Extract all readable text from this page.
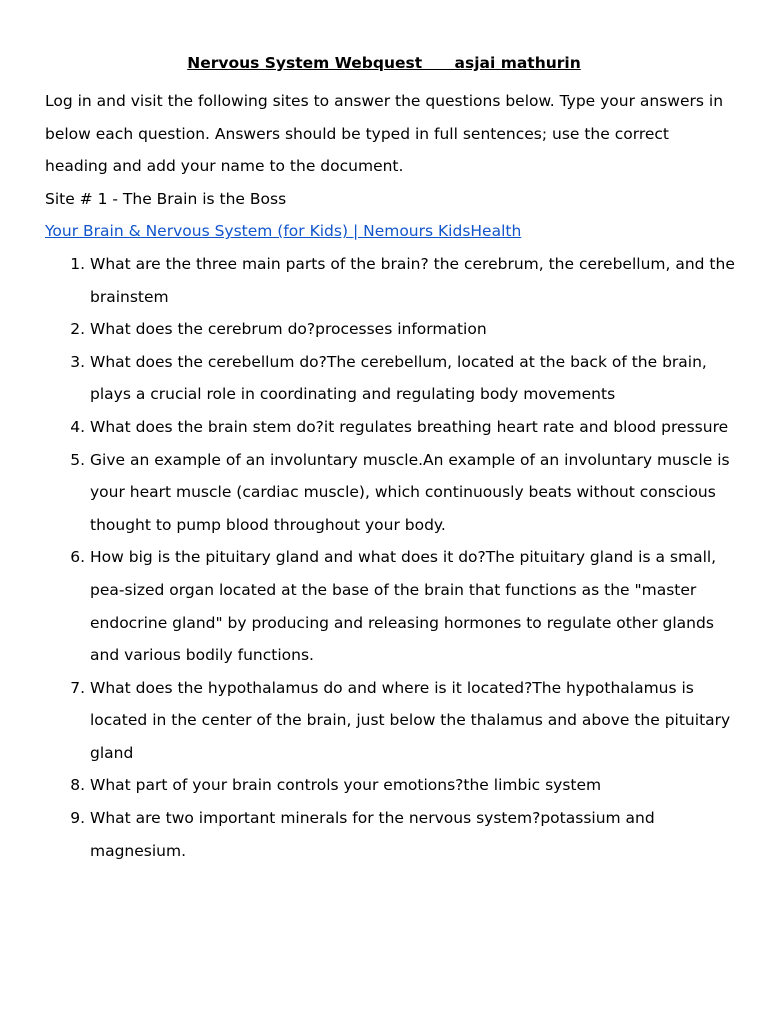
Nervous System Webquest      asjai mathurin

Log in and visit the following sites to answer the questions below. Type your answers in below each question. Answers should be typed in full sentences; use the correct heading and add your name to the document.

Site # 1 - The Brain is the Boss

Your Brain & Nervous System (for Kids) | Nemours KidsHealth

1. What are the three main parts of the brain? the cerebrum, the cerebellum, and the brainstem
2. What does the cerebrum do?processes information
3. What does the cerebellum do?The cerebellum, located at the back of the brain, plays a crucial role in coordinating and regulating body movements
4. What does the brain stem do?it regulates breathing heart rate and blood pressure
5. Give an example of an involuntary muscle.An example of an involuntary muscle is your heart muscle (cardiac muscle), which continuously beats without conscious thought to pump blood throughout your body.
6. How big is the pituitary gland and what does it do?The pituitary gland is a small, pea-sized organ located at the base of the brain that functions as the "master endocrine gland" by producing and releasing hormones to regulate other glands and various bodily functions.
7. What does the hypothalamus do and where is it located?The hypothalamus is located in the center of the brain, just below the thalamus and above the pituitary gland
8. What part of your brain controls your emotions?the limbic system
9. What are two important minerals for the nervous system?potassium and magnesium.
